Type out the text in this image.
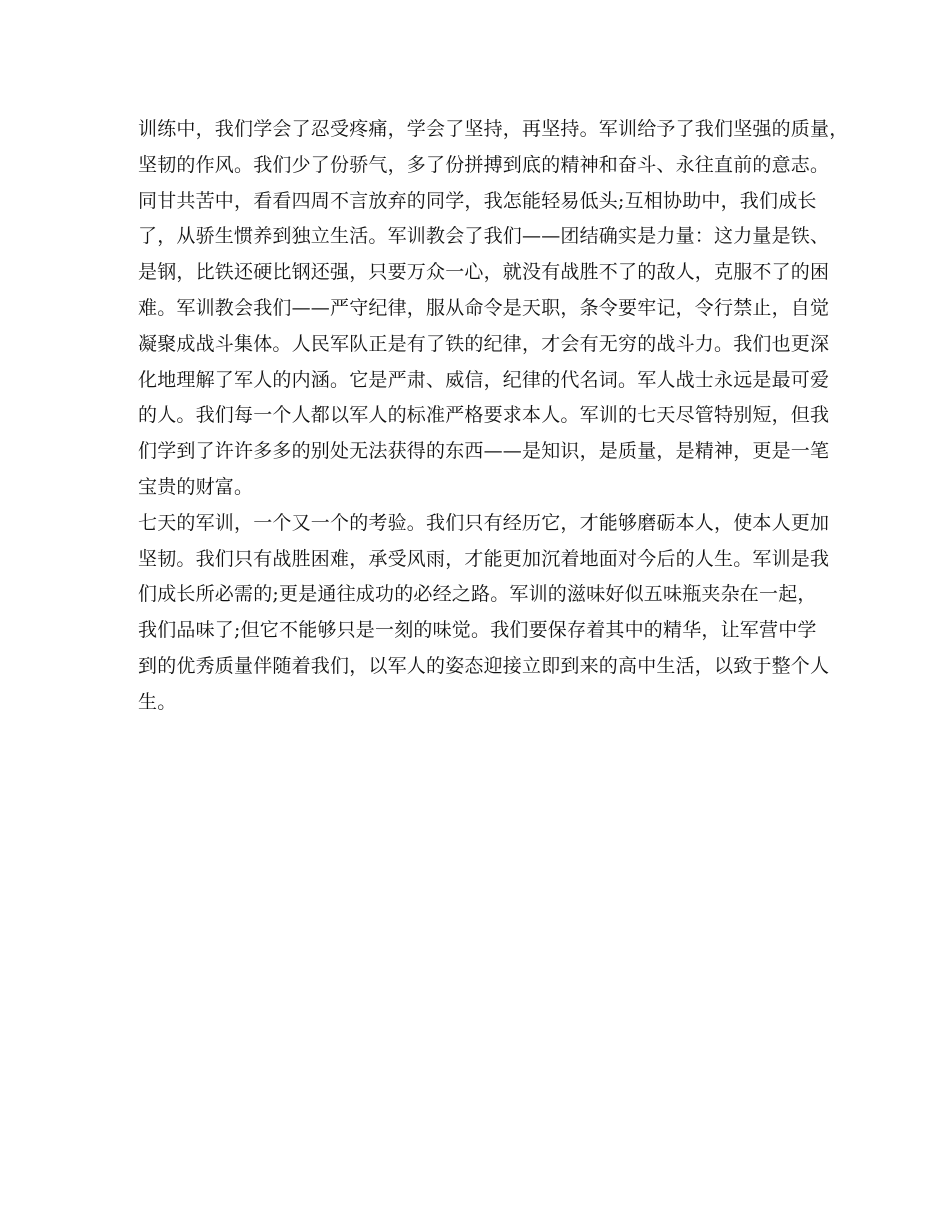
训练中，我们学会了忍受疼痛，学会了坚持，再坚持。军训给予了我们坚强的质量，
坚韧的作风。我们少了份骄气，多了份拼搏到底的精神和奋斗、永往直前的意志。
同甘共苦中，看看四周不言放弃的同学，我怎能轻易低头;互相协助中，我们成长
了，从骄生惯养到独立生活。军训教会了我们——团结确实是力量：这力量是铁、
是钢，比铁还硬比钢还强，只要万众一心，就没有战胜不了的敌人，克服不了的困
难。军训教会我们——严守纪律，服从命令是天职，条令要牢记，令行禁止，自觉
凝聚成战斗集体。人民军队正是有了铁的纪律，才会有无穷的战斗力。我们也更深
化地理解了军人的内涵。它是严肃、威信，纪律的代名词。军人战士永远是最可爱
的人。我们每一个人都以军人的标准严格要求本人。军训的七天尽管特别短，但我
们学到了许许多多的别处无法获得的东西——是知识，是质量，是精神，更是一笔
宝贵的财富。
七天的军训，一个又一个的考验。我们只有经历它，才能够磨砺本人，使本人更加
坚韧。我们只有战胜困难，承受风雨，才能更加沉着地面对今后的人生。军训是我
们成长所必需的;更是通往成功的必经之路。军训的滋味好似五味瓶夹杂在一起，
我们品味了;但它不能够只是一刻的味觉。我们要保存着其中的精华，让军营中学
到的优秀质量伴随着我们，以军人的姿态迎接立即到来的高中生活，以致于整个人
生。
